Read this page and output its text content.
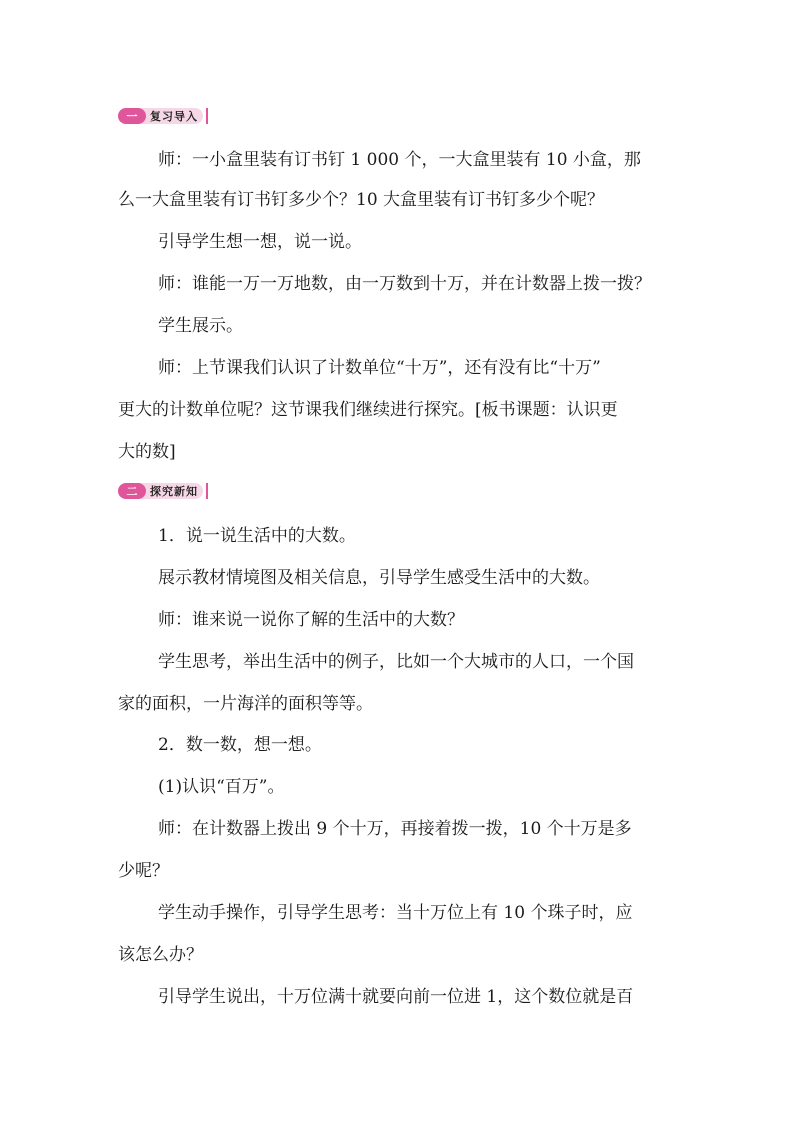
一	复习导入
师：一小盒里装有订书钉 1 000 个，一大盒里装有 10 小盒，那
么一大盒里装有订书钉多少个？10 大盒里装有订书钉多少个呢？
引导学生想一想，说一说。
师：谁能一万一万地数，由一万数到十万，并在计数器上拨一拨？
学生展示。
师：上节课我们认识了计数单位“十万”，还有没有比“十万”
更大的计数单位呢？这节课我们继续进行探究。[板书课题：认识更
大的数]
二	探究新知
1．说一说生活中的大数。
展示教材情境图及相关信息，引导学生感受生活中的大数。
师：谁来说一说你了解的生活中的大数？
学生思考，举出生活中的例子，比如一个大城市的人口，一个国
家的面积，一片海洋的面积等等。
2．数一数，想一想。
(1)认识“百万”。
师：在计数器上拨出 9 个十万，再接着拨一拨，10 个十万是多
少呢？
学生动手操作，引导学生思考：当十万位上有 10 个珠子时，应
该怎么办？
引导学生说出，十万位满十就要向前一位进 1，这个数位就是百
